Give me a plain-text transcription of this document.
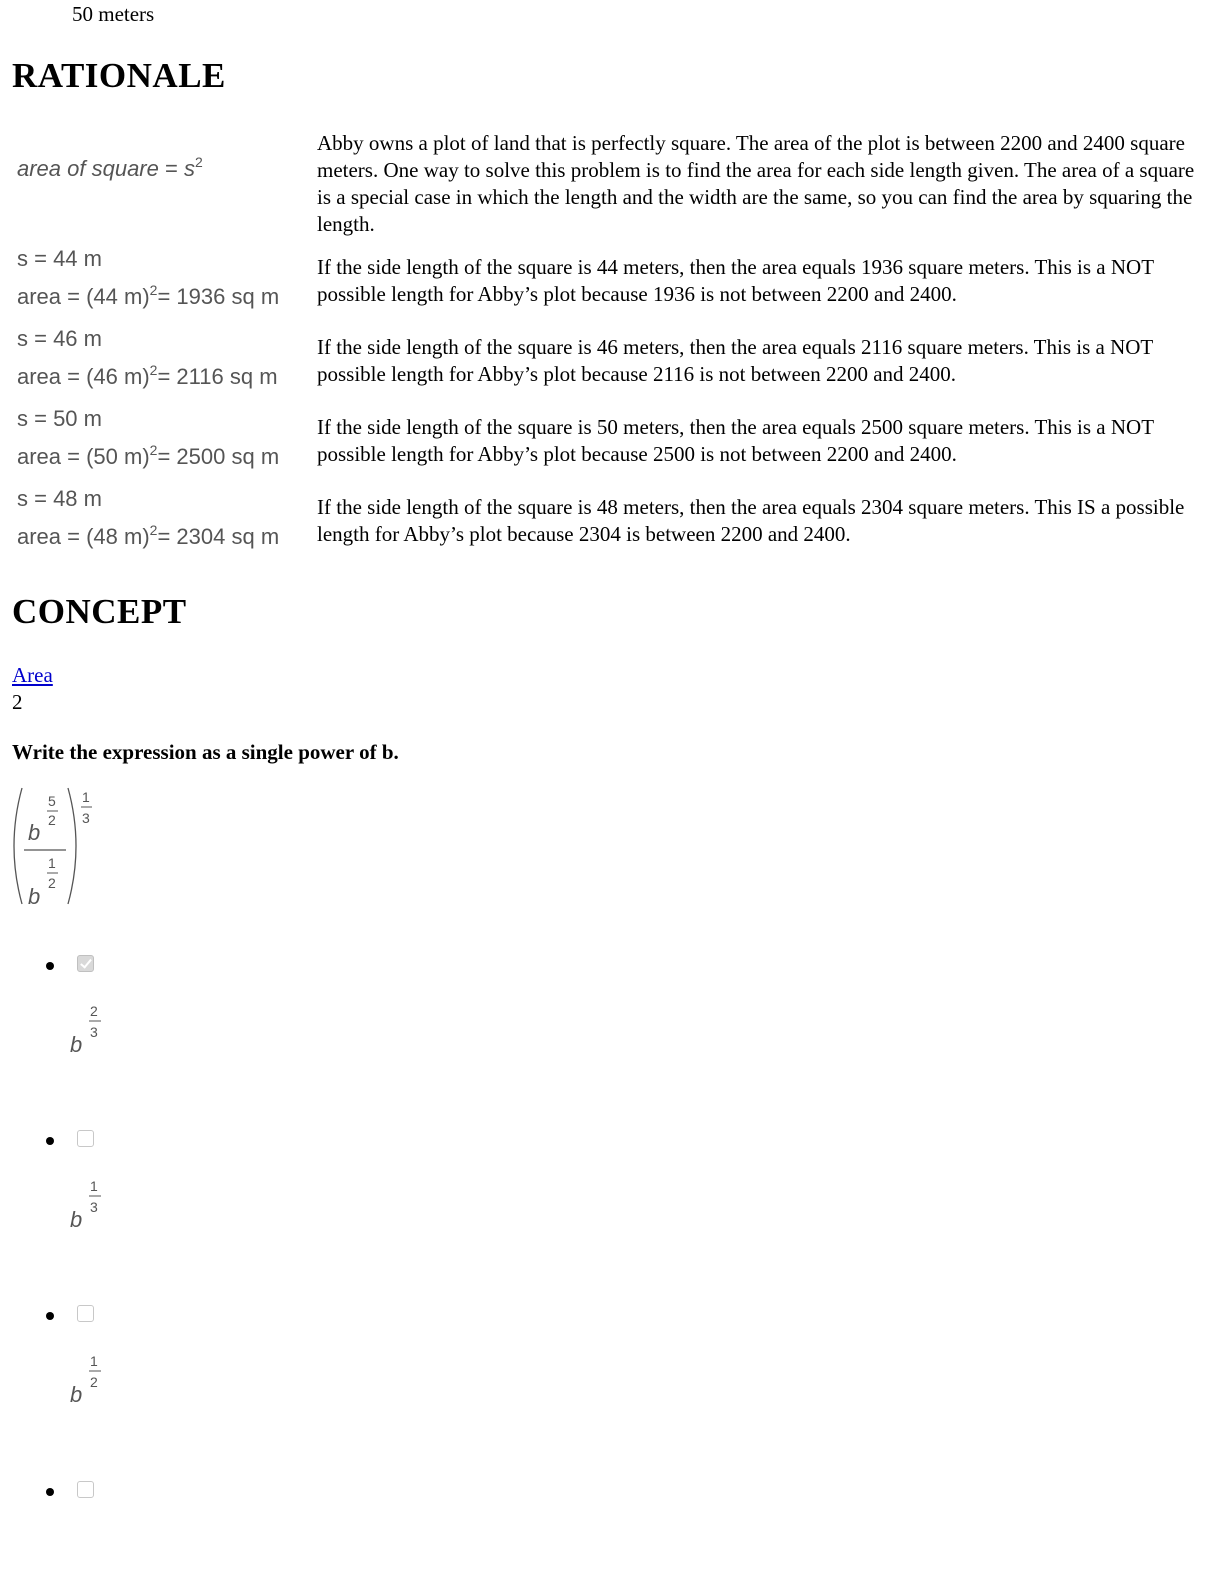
50 meters
RATIONALE
area of square = $s^2$
Abby owns a plot of land that is perfectly square. The area of the plot is between 2200 and 2400 square meters. One way to solve this problem is to find the area for each side length given. The area of a square is a special case in which the length and the width are the same, so you can find the area by squaring the length.
s = 44 m
area = (44 m)$^2$= 1936 sq m
If the side length of the square is 44 meters, then the area equals 1936 square meters. This is a NOT possible length for Abby’s plot because 1936 is not between 2200 and 2400.
s = 46 m
area = (46 m)$^2$= 2116 sq m
If the side length of the square is 46 meters, then the area equals 2116 square meters. This is a NOT possible length for Abby’s plot because 2116 is not between 2200 and 2400.
s = 50 m
area = (50 m)$^2$= 2500 sq m
If the side length of the square is 50 meters, then the area equals 2500 square meters. This is a NOT possible length for Abby’s plot because 2500 is not between 2200 and 2400.
s = 48 m
area = (48 m)$^2$= 2304 sq m
If the side length of the square is 48 meters, then the area equals 2304 square meters. This IS a possible length for Abby’s plot because 2304 is between 2200 and 2400.
CONCEPT
Area
2
Write the expression as a single power of b.
b
5
2
b
1
2
1
3
b
2
3
b
1
3
b
1
2
